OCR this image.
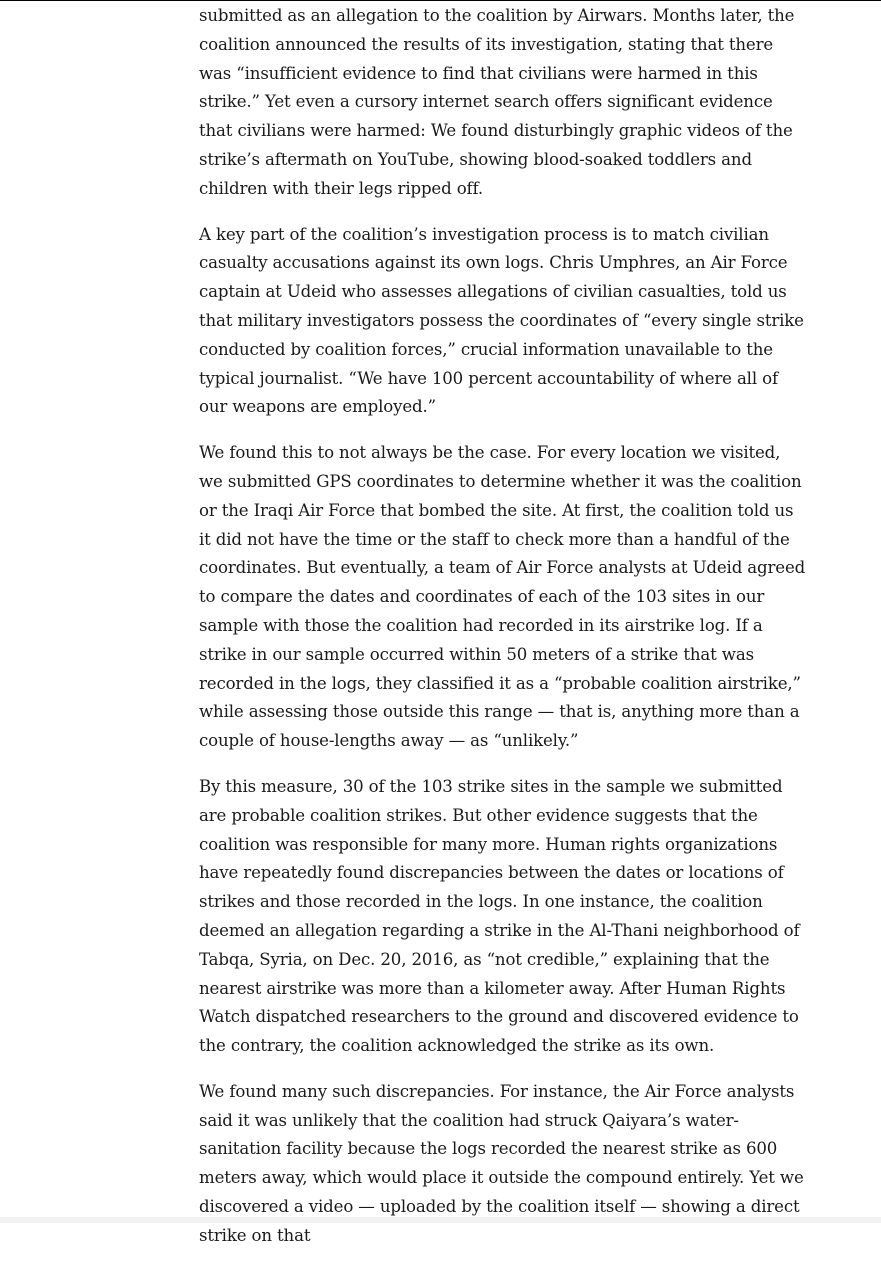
submitted as an allegation to the coalition by Airwars. Months later, the coalition announced the results of its investigation, stating that there was “insufficient evidence to find that civilians were harmed in this strike.” Yet even a cursory internet search offers significant evidence that civilians were harmed: We found disturbingly graphic videos of the strike’s aftermath on YouTube, showing blood-soaked toddlers and children with their legs ripped off.

A key part of the coalition’s investigation process is to match civilian casualty accusations against its own logs. Chris Umphres, an Air Force captain at Udeid who assesses allegations of civilian casualties, told us that military investigators possess the coordinates of “every single strike conducted by coalition forces,” crucial information unavailable to the typical journalist. “We have 100 percent accountability of where all of our weapons are employed.”

We found this to not always be the case. For every location we visited, we submitted GPS coordinates to determine whether it was the coalition or the Iraqi Air Force that bombed the site. At first, the coalition told us it did not have the time or the staff to check more than a handful of the coordinates. But eventually, a team of Air Force analysts at Udeid agreed to compare the dates and coordinates of each of the 103 sites in our sample with those the coalition had recorded in its airstrike log. If a strike in our sample occurred within 50 meters of a strike that was recorded in the logs, they classified it as a “probable coalition airstrike,” while assessing those outside this range — that is, anything more than a couple of house-lengths away — as “unlikely.”

By this measure, 30 of the 103 strike sites in the sample we submitted are probable coalition strikes. But other evidence suggests that the coalition was responsible for many more. Human rights organizations have repeatedly found discrepancies between the dates or locations of strikes and those recorded in the logs. In one instance, the coalition deemed an allegation regarding a strike in the Al-Thani neighborhood of Tabqa, Syria, on Dec. 20, 2016, as “not credible,” explaining that the nearest airstrike was more than a kilometer away. After Human Rights Watch dispatched researchers to the ground and discovered evidence to the contrary, the coalition acknowledged the strike as its own.

We found many such discrepancies. For instance, the Air Force analysts said it was unlikely that the coalition had struck Qaiyara’s water-sanitation facility because the logs recorded the nearest strike as 600 meters away, which would place it outside the compound entirely. Yet we discovered a video — uploaded by the coalition itself — showing a direct strike on that
